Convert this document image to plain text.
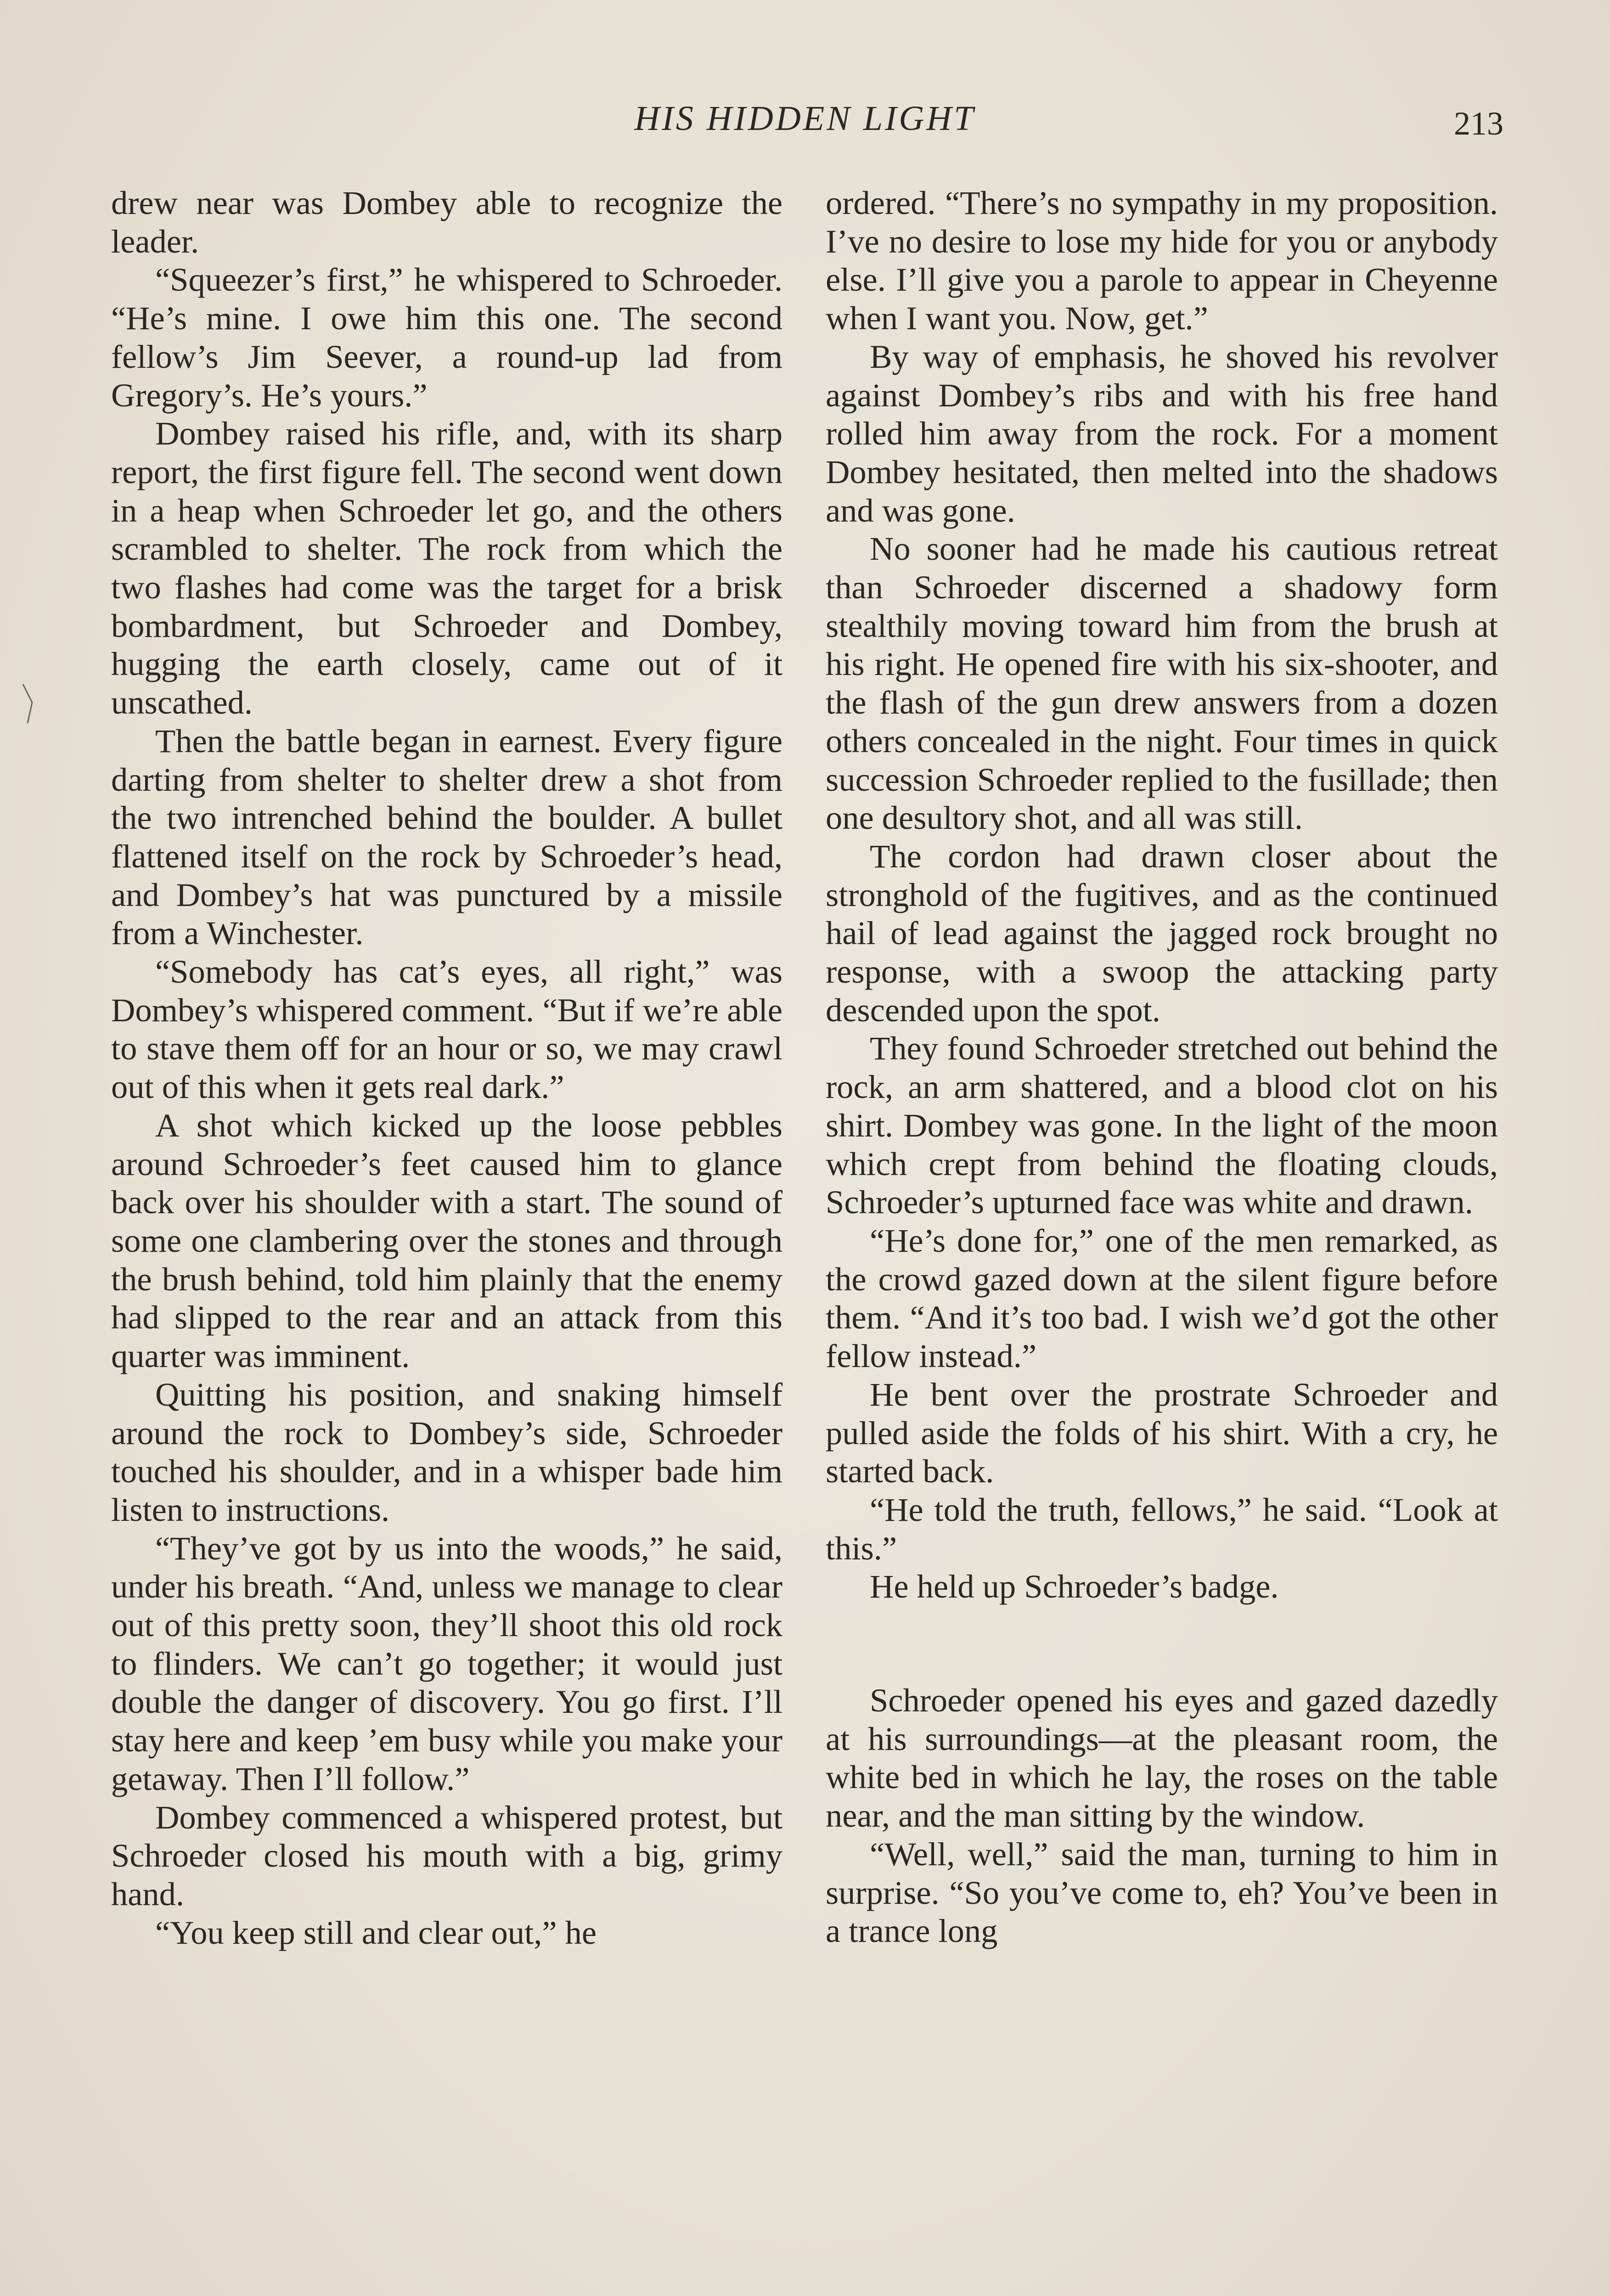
HIS HIDDEN LIGHT	213

drew near was Dombey able to recognize the leader.

“Squeezer’s first,” he whispered to Schroeder. “He’s mine. I owe him this one. The second fellow’s Jim Seever, a round-up lad from Gregory’s. He’s yours.”

Dombey raised his rifle, and, with its sharp report, the first figure fell. The second went down in a heap when Schroeder let go, and the others scrambled to shelter. The rock from which the two flashes had come was the target for a brisk bombardment, but Schroeder and Dombey, hugging the earth closely, came out of it unscathed.

Then the battle began in earnest. Every figure darting from shelter to shelter drew a shot from the two intrenched behind the boulder. A bullet flattened itself on the rock by Schroeder’s head, and Dombey’s hat was punctured by a missile from a Winchester.

“Somebody has cat’s eyes, all right,” was Dombey’s whispered comment. “But if we’re able to stave them off for an hour or so, we may crawl out of this when it gets real dark.”

A shot which kicked up the loose pebbles around Schroeder’s feet caused him to glance back over his shoulder with a start. The sound of some one clambering over the stones and through the brush behind, told him plainly that the enemy had slipped to the rear and an attack from this quarter was imminent.

Quitting his position, and snaking himself around the rock to Dombey’s side, Schroeder touched his shoulder, and in a whisper bade him listen to instructions.

“They’ve got by us into the woods,” he said, under his breath. “And, unless we manage to clear out of this pretty soon, they’ll shoot this old rock to flinders. We can’t go together; it would just double the danger of discovery. You go first. I’ll stay here and keep ’em busy while you make your getaway. Then I’ll follow.”

Dombey commenced a whispered protest, but Schroeder closed his mouth with a big, grimy hand.

“You keep still and clear out,” he

ordered. “There’s no sympathy in my proposition. I’ve no desire to lose my hide for you or anybody else. I’ll give you a parole to appear in Cheyenne when I want you. Now, get.”

By way of emphasis, he shoved his revolver against Dombey’s ribs and with his free hand rolled him away from the rock. For a moment Dombey hesitated, then melted into the shadows and was gone.

No sooner had he made his cautious retreat than Schroeder discerned a shadowy form stealthily moving toward him from the brush at his right. He opened fire with his six-shooter, and the flash of the gun drew answers from a dozen others concealed in the night. Four times in quick succession Schroeder replied to the fusillade; then one desultory shot, and all was still.

The cordon had drawn closer about the stronghold of the fugitives, and as the continued hail of lead against the jagged rock brought no response, with a swoop the attacking party descended upon the spot.

They found Schroeder stretched out behind the rock, an arm shattered, and a blood clot on his shirt. Dombey was gone. In the light of the moon which crept from behind the floating clouds, Schroeder’s upturned face was white and drawn.

“He’s done for,” one of the men remarked, as the crowd gazed down at the silent figure before them. “And it’s too bad. I wish we’d got the other fellow instead.”

He bent over the prostrate Schroeder and pulled aside the folds of his shirt. With a cry, he started back.

“He told the truth, fellows,” he said. “Look at this.”

He held up Schroeder’s badge.

Schroeder opened his eyes and gazed dazedly at his surroundings—at the pleasant room, the white bed in which he lay, the roses on the table near, and the man sitting by the window.

“Well, well,” said the man, turning to him in surprise. “So you’ve come to, eh? You’ve been in a trance long
